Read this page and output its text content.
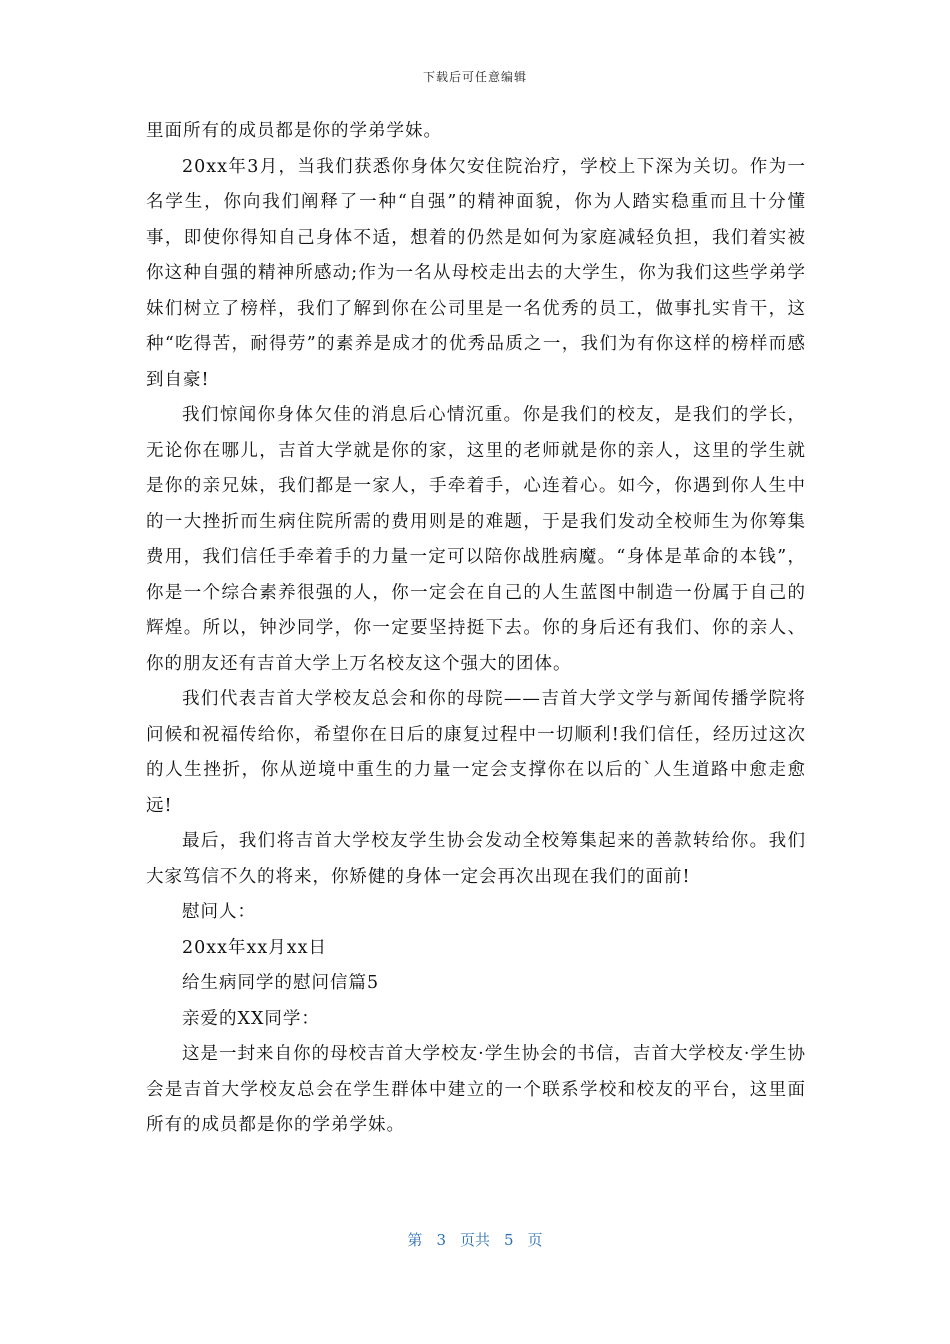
下载后可任意编辑

里面所有的成员都是你的学弟学妹。

20xx年3月，当我们获悉你身体欠安住院治疗，学校上下深为关切。作为一名学生，你向我们阐释了一种“自强”的精神面貌，你为人踏实稳重而且十分懂事，即使你得知自己身体不适，想着的仍然是如何为家庭减轻负担，我们着实被你这种自强的精神所感动;作为一名从母校走出去的大学生，你为我们这些学弟学妹们树立了榜样，我们了解到你在公司里是一名优秀的员工，做事扎实肯干，这种“吃得苦，耐得劳”的素养是成才的优秀品质之一，我们为有你这样的榜样而感到自豪!

我们惊闻你身体欠佳的消息后心情沉重。你是我们的校友，是我们的学长，无论你在哪儿，吉首大学就是你的家，这里的老师就是你的亲人，这里的学生就是你的亲兄妹，我们都是一家人，手牵着手，心连着心。如今，你遇到你人生中的一大挫折而生病住院所需的费用则是的难题，于是我们发动全校师生为你筹集费用，我们信任手牵着手的力量一定可以陪你战胜病魔。“身体是革命的本钱”，你是一个综合素养很强的人，你一定会在自己的人生蓝图中制造一份属于自己的辉煌。所以，钟沙同学，你一定要坚持挺下去。你的身后还有我们、你的亲人、你的朋友还有吉首大学上万名校友这个强大的团体。

我们代表吉首大学校友总会和你的母院——吉首大学文学与新闻传播学院将问候和祝福传给你，希望你在日后的康复过程中一切顺利!我们信任，经历过这次的人生挫折，你从逆境中重生的力量一定会支撑你在以后的`人生道路中愈走愈远!

最后，我们将吉首大学校友学生协会发动全校筹集起来的善款转给你。我们大家笃信不久的将来，你矫健的身体一定会再次出现在我们的面前!

慰问人：

20xx年xx月xx日

给生病同学的慰问信篇5

亲爱的XX同学：

这是一封来自你的母校吉首大学校友·学生协会的书信，吉首大学校友·学生协会是吉首大学校友总会在学生群体中建立的一个联系学校和校友的平台，这里面所有的成员都是你的学弟学妹。

第 3 页共 5 页
